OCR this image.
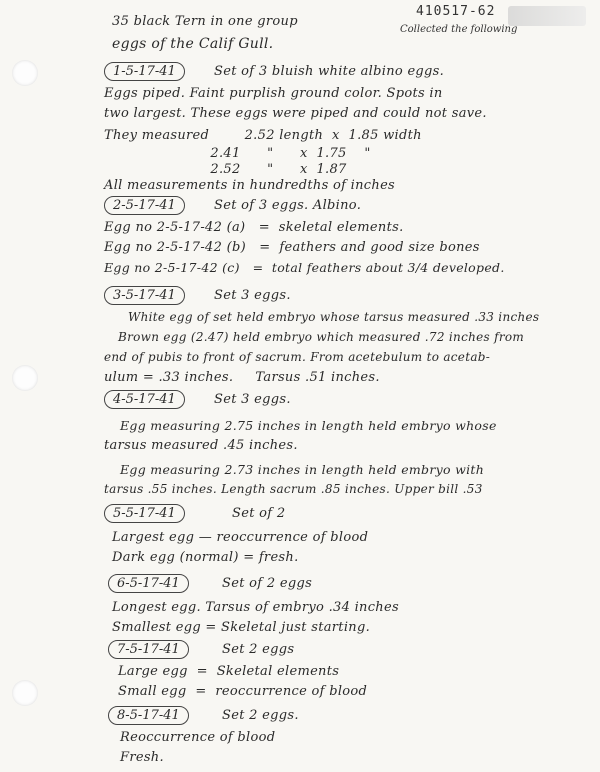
410517-62
Collected the following
35 black Tern in one group
eggs of the Calif Gull.
1-5-17-41	Set of 3 bluish white albino eggs.
Eggs piped. Faint purplish ground color. Spots in
two largest. These eggs were piped and could not save.
They measured        2.52 length  x  1.85 width
2.41      "      x  1.75    "
2.52      "      x  1.87
All measurements in hundredths of inches
2-5-17-41	Set of 3 eggs. Albino.
Egg no 2-5-17-42 (a)   =  skeletal elements.
Egg no 2-5-17-42 (b)   =  feathers and good size bones
Egg no 2-5-17-42 (c)   =  total feathers about 3/4 developed.
3-5-17-41	Set 3 eggs.
White egg of set held embryo whose tarsus measured .33 inches
Brown egg (2.47) held embryo which measured .72 inches from
end of pubis to front of sacrum. From acetebulum to acetab-
ulum = .33 inches.     Tarsus .51 inches.
4-5-17-41	Set 3 eggs.
Egg measuring 2.75 inches in length held embryo whose
tarsus measured .45 inches.
Egg measuring 2.73 inches in length held embryo with
tarsus .55 inches. Length sacrum .85 inches. Upper bill .53
5-5-17-41	Set of 2
Largest egg — reoccurrence of blood
Dark egg (normal) = fresh.
6-5-17-41	Set of 2 eggs
Longest egg. Tarsus of embryo .34 inches
Smallest egg = Skeletal just starting.
7-5-17-41	Set 2 eggs
Large egg  =  Skeletal elements
Small egg  =  reoccurrence of blood
8-5-17-41	Set 2 eggs.
Reoccurrence of blood
Fresh.
